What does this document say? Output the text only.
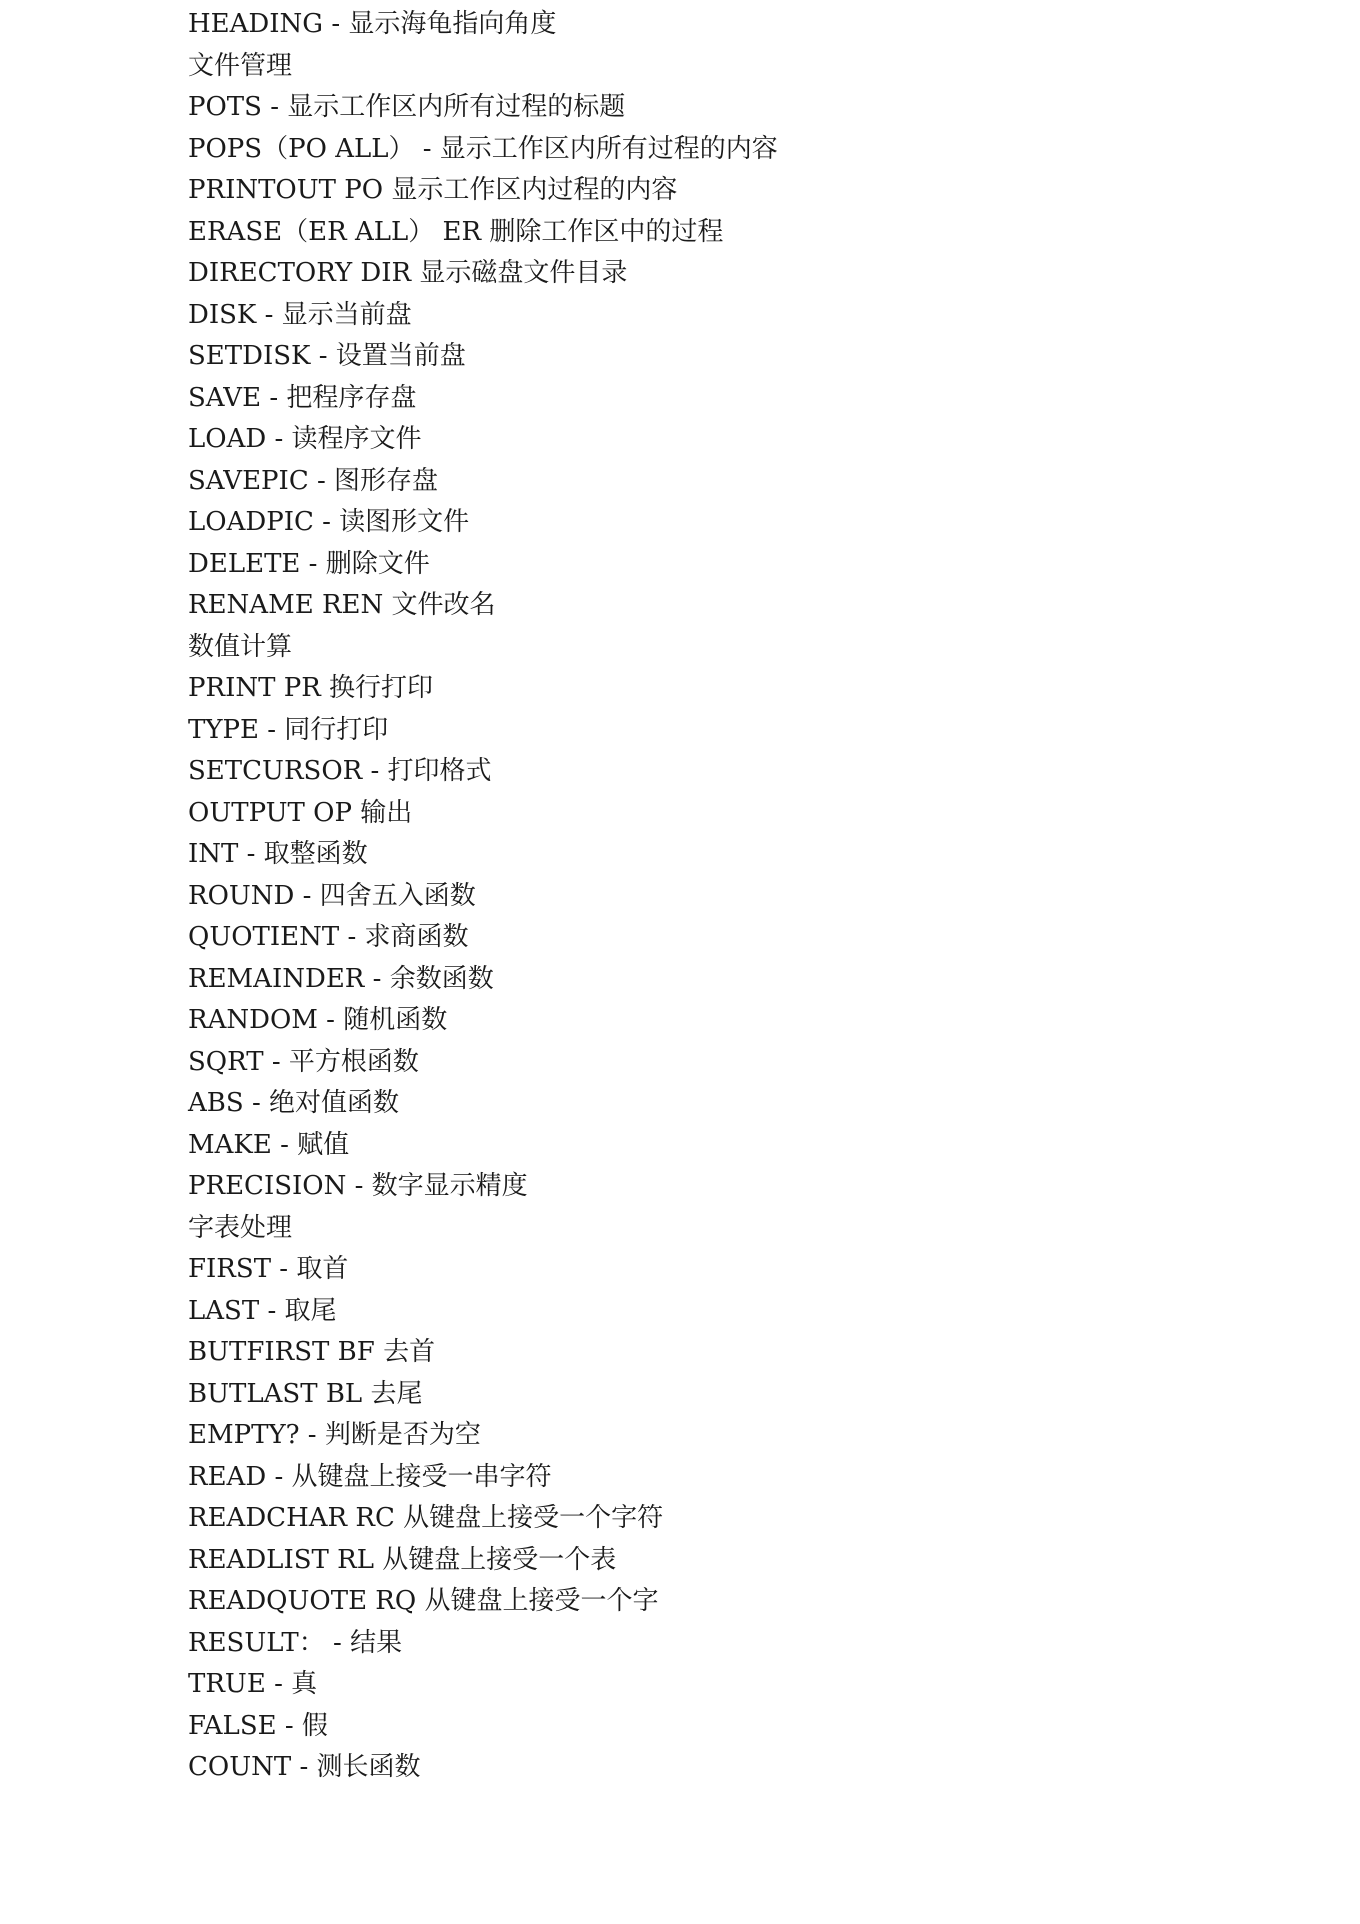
HEADING - 显示海龟指向角度
文件管理
POTS - 显示工作区内所有过程的标题
POPS（PO ALL） - 显示工作区内所有过程的内容
PRINTOUT PO 显示工作区内过程的内容
ERASE（ER ALL） ER 删除工作区中的过程
DIRECTORY DIR 显示磁盘文件目录
DISK - 显示当前盘
SETDISK - 设置当前盘
SAVE - 把程序存盘
LOAD - 读程序文件
SAVEPIC - 图形存盘
LOADPIC - 读图形文件
DELETE - 删除文件
RENAME REN 文件改名
数值计算
PRINT PR 换行打印
TYPE - 同行打印
SETCURSOR - 打印格式
OUTPUT OP 输出
INT - 取整函数
ROUND - 四舍五入函数
QUOTIENT - 求商函数
REMAINDER - 余数函数
RANDOM - 随机函数
SQRT - 平方根函数
ABS - 绝对值函数
MAKE - 赋值
PRECISION - 数字显示精度
字表处理
FIRST - 取首
LAST - 取尾
BUTFIRST BF 去首
BUTLAST BL 去尾
EMPTY? - 判断是否为空
READ - 从键盘上接受一串字符
READCHAR RC 从键盘上接受一个字符
READLIST RL 从键盘上接受一个表
READQUOTE RQ 从键盘上接受一个字
RESULT： - 结果
TRUE - 真
FALSE - 假
COUNT - 测长函数
